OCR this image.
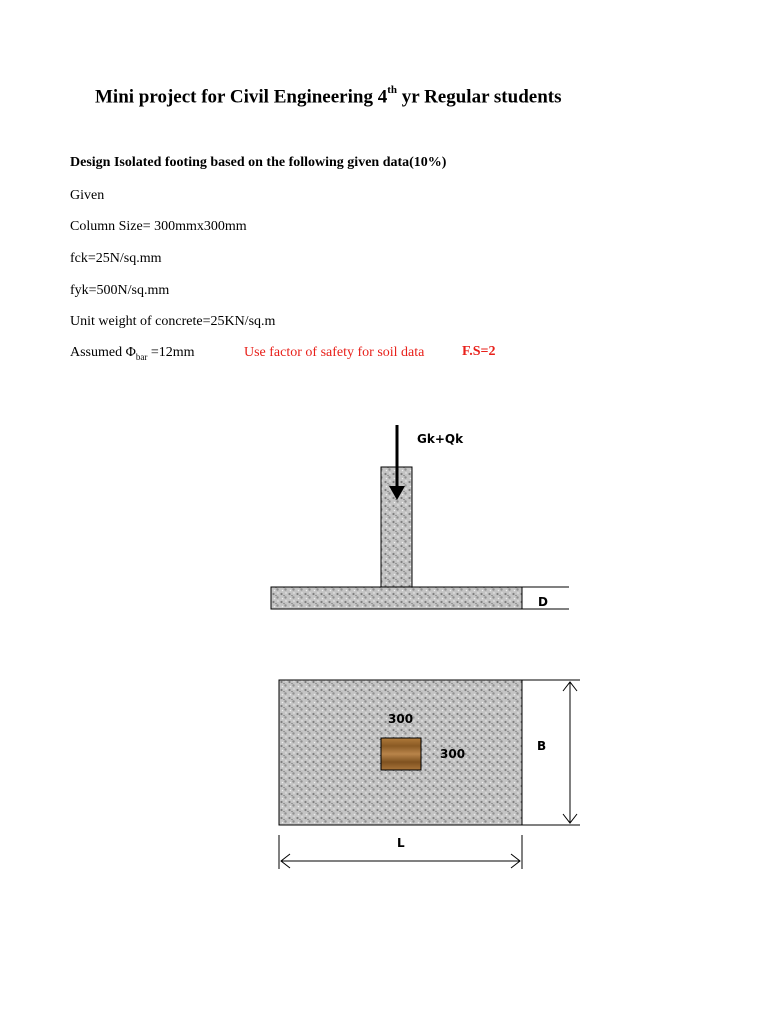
Mini project for Civil Engineering 4th yr Regular students
Design Isolated footing based on the following given data(10%)
Given
Column Size= 300mmx300mm
fck=25N/sq.mm
fyk=500N/sq.mm
Unit weight of concrete=25KN/sq.m
Assumed $\Phi_{bar} =12mm$	Use factor of safety for soil data	F.S=2
Gk+Qk
D
300
300
B
L
